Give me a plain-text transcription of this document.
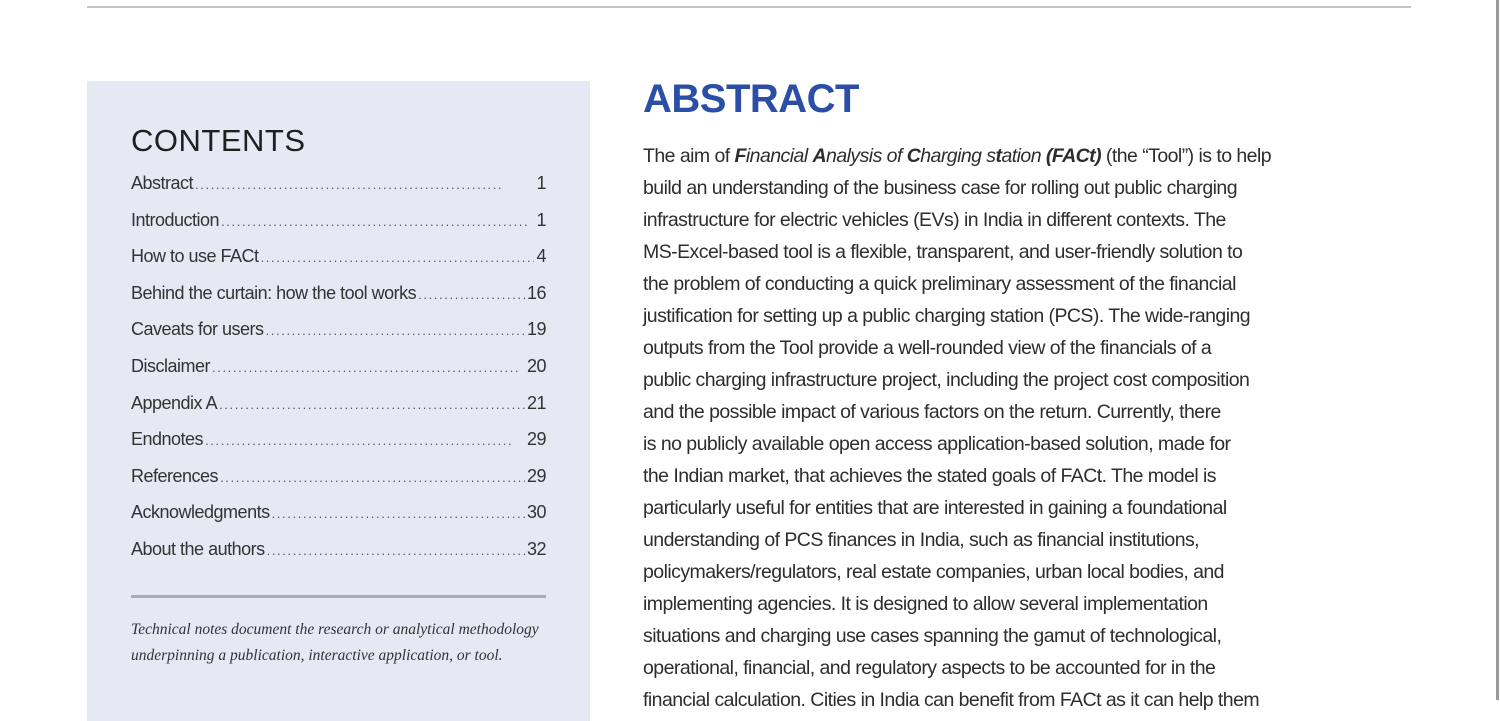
CONTENTS
Abstract . . .	1
Introduction . . .	1
How to use FACt . . .	4
Behind the curtain: how the tool works . . .	16
Caveats for users . . .	19
Disclaimer . . .	20
Appendix A . . .	21
Endnotes . . .	29
References . . .	29
Acknowledgments . . .	30
About the authors . . .	32

Technical notes document the research or analytical methodology underpinning a publication, interactive application, or tool.

ABSTRACT

The aim of Financial Analysis of Charging station (FACt) (the “Tool”) is to help
build an understanding of the business case for rolling out public charging
infrastructure for electric vehicles (EVs) in India in different contexts. The
MS-Excel-based tool is a flexible, transparent, and user-friendly solution to
the problem of conducting a quick preliminary assessment of the financial
justification for setting up a public charging station (PCS). The wide-ranging
outputs from the Tool provide a well-rounded view of the financials of a
public charging infrastructure project, including the project cost composition
and the possible impact of various factors on the return. Currently, there
is no publicly available open access application-based solution, made for
the Indian market, that achieves the stated goals of FACt. The model is
particularly useful for entities that are interested in gaining a foundational
understanding of PCS finances in India, such as financial institutions,
policymakers/regulators, real estate companies, urban local bodies, and
implementing agencies. It is designed to allow several implementation
situations and charging use cases spanning the gamut of technological,
operational, financial, and regulatory aspects to be accounted for in the
financial calculation. Cities in India can benefit from FACt as it can help them
